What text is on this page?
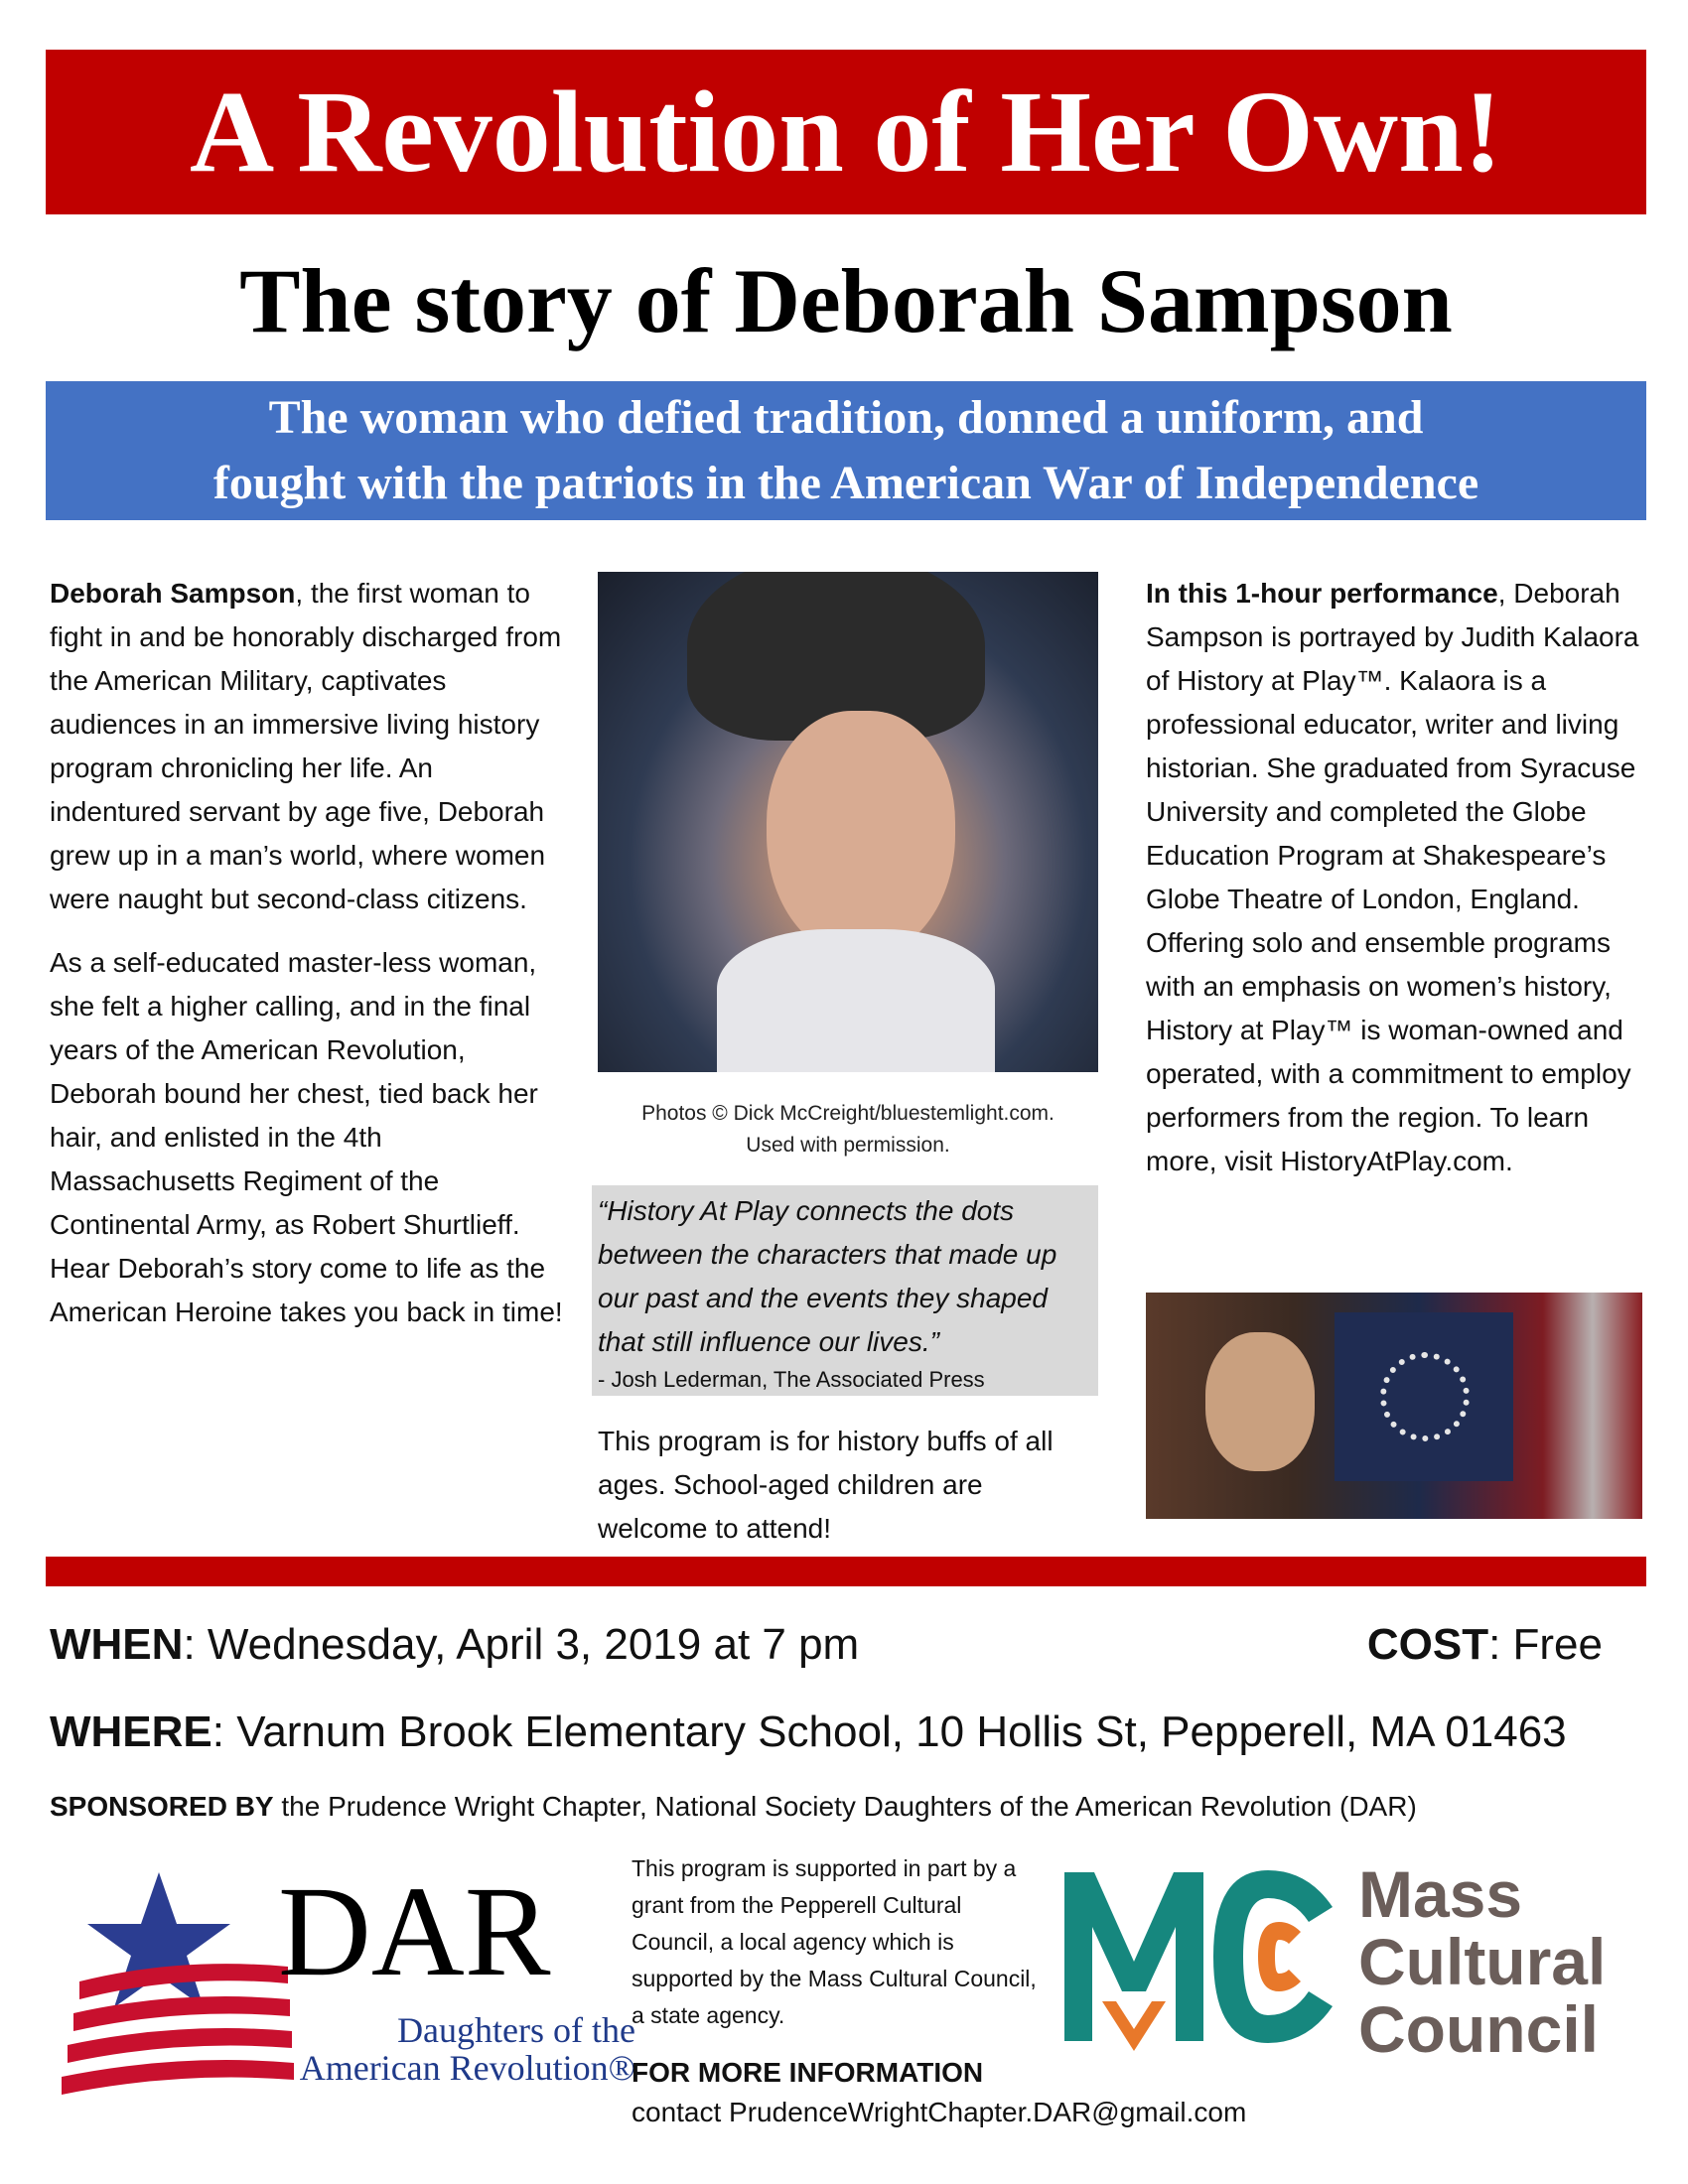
A Revolution of Her Own!
The story of Deborah Sampson
The woman who defied tradition, donned a uniform, and
fought with the patriots in the American War of Independence

Deborah Sampson, the first woman to fight in and be honorably discharged from the American Military, captivates audiences in an immersive living history program chronicling her life. An indentured servant by age five, Deborah grew up in a man’s world, where women were naught but second-class citizens.

As a self-educated master-less woman, she felt a higher calling, and in the final years of the American Revolution, Deborah bound her chest, tied back her hair, and enlisted in the 4th Massachusetts Regiment of the Continental Army, as Robert Shurtlieff. Hear Deborah’s story come to life as the American Heroine takes you back in time!

Photos © Dick McCreight/bluestemlight.com.
Used with permission.
“History At Play connects the dots between the characters that made up our past and the events they shaped that still influence our lives.”
- Josh Lederman, The Associated Press
This program is for history buffs of all ages. School-aged children are welcome to attend!

In this 1-hour performance, Deborah Sampson is portrayed by Judith Kalaora of History at Play™. Kalaora is a professional educator, writer and living historian. She graduated from Syracuse University and completed the Globe Education Program at Shakespeare’s Globe Theatre of London, England. Offering solo and ensemble programs with an emphasis on women’s history, History at Play™ is woman-owned and operated, with a commitment to employ performers from the region. To learn more, visit HistoryAtPlay.com.

WHEN: Wednesday, April 3, 2019 at 7 pm	COST: Free
WHERE: Varnum Brook Elementary School, 10 Hollis St, Pepperell, MA 01463
SPONSORED BY the Prudence Wright Chapter, National Society Daughters of the American Revolution (DAR)
DAR
Daughters of the
American Revolution®
This program is supported in part by a grant from the Pepperell Cultural Council, a local agency which is supported by the Mass Cultural Council, a state agency.
FOR MORE INFORMATION
contact PrudenceWrightChapter.DAR@gmail.com
Mass
Cultural
Council
